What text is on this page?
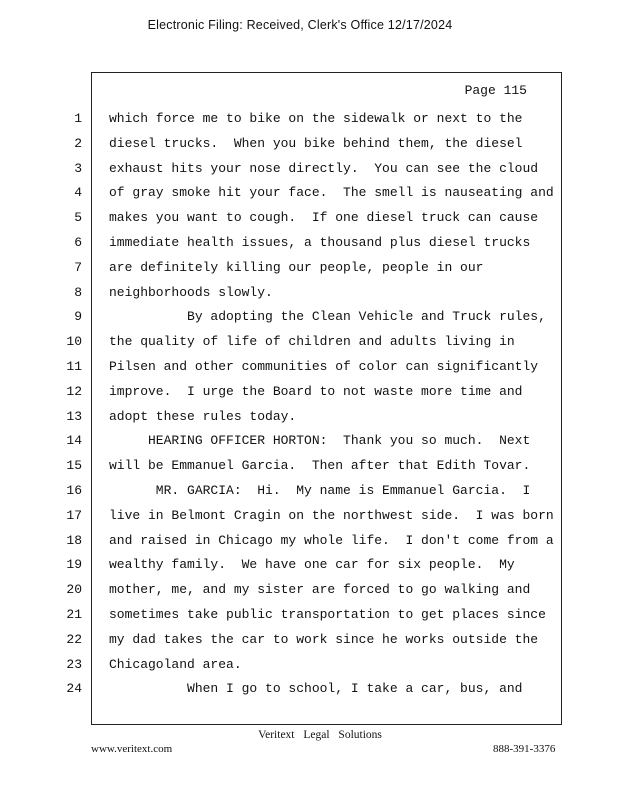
Electronic Filing: Received, Clerk's Office 12/17/2024
Page 115
1 which force me to bike on the sidewalk or next to the
2 diesel trucks.  When you bike behind them, the diesel
3 exhaust hits your nose directly.  You can see the cloud
4 of gray smoke hit your face.  The smell is nauseating and
5 makes you want to cough.  If one diesel truck can cause
6 immediate health issues, a thousand plus diesel trucks
7 are definitely killing our people, people in our
8 neighborhoods slowly.
9 By adopting the Clean Vehicle and Truck rules,
10 the quality of life of children and adults living in
11 Pilsen and other communities of color can significantly
12 improve.  I urge the Board to not waste more time and
13 adopt these rules today.
14 HEARING OFFICER HORTON:  Thank you so much.  Next
15 will be Emmanuel Garcia.  Then after that Edith Tovar.
16 MR. GARCIA:  Hi.  My name is Emmanuel Garcia.  I
17 live in Belmont Cragin on the northwest side.  I was born
18 and raised in Chicago my whole life.  I don't come from a
19 wealthy family.  We have one car for six people.  My
20 mother, me, and my sister are forced to go walking and
21 sometimes take public transportation to get places since
22 my dad takes the car to work since he works outside the
23 Chicagoland area.
24 When I go to school, I take a car, bus, and
Veritext Legal Solutions
www.veritext.com	888-391-3376
